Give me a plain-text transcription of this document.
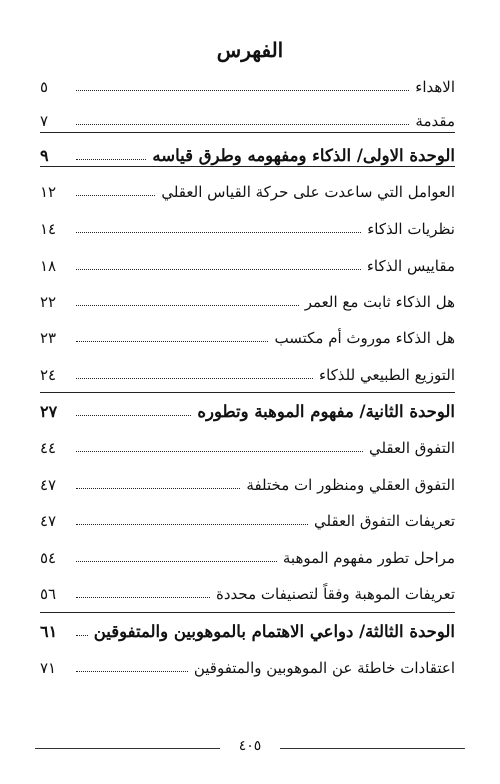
الفهرس
الاهداء
٥
مقدمة
٧
الوحدة الاولى/ الذكاء ومفهومه وطرق قياسه
٩
العوامل التي ساعدت على حركة القياس العقلي
١٢
نظريات الذكاء
١٤
مقاييس الذكاء
١٨
هل الذكاء ثابت مع العمر
٢٢
هل الذكاء موروث أم مكتسب
٢٣
التوزيع الطبيعي للذكاء
٢٤
الوحدة الثانية/ مفهوم الموهبة وتطوره
٢٧
التفوق العقلي
٤٤
التفوق العقلي ومنظور ات مختلفة
٤٧
تعريفات التفوق العقلي
٤٧
مراحل تطور مفهوم الموهبة
٥٤
تعريفات الموهبة وفقاً لتصنيفات محددة
٥٦
الوحدة الثالثة/ دواعي الاهتمام بالموهوبين والمتفوقين
٦١
اعتقادات خاطئة عن الموهوبين والمتفوقين
٧١
٤٠٥
